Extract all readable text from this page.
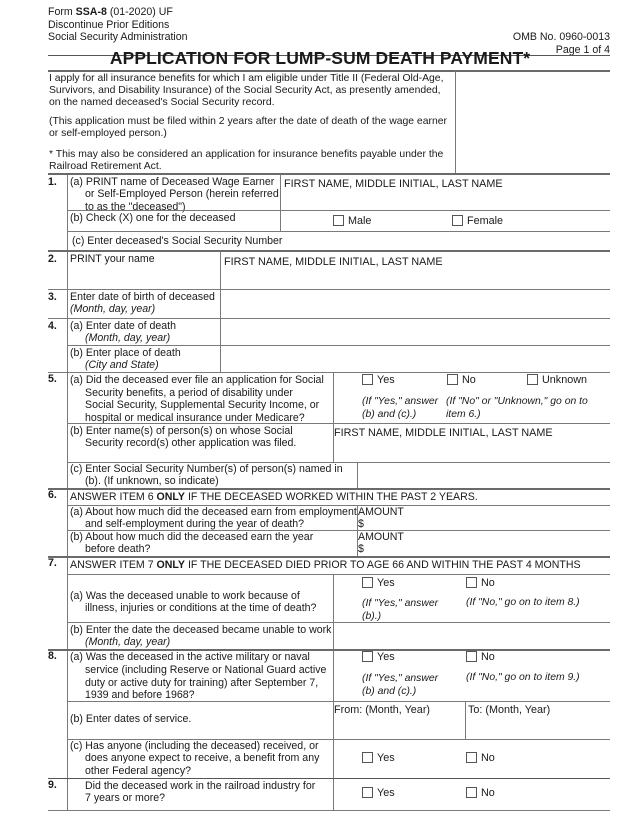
Form SSA-8 (01-2020) UF
Discontinue Prior Editions
Social Security Administration	OMB No. 0960-0013
Page 1 of 4
APPLICATION FOR LUMP-SUM DEATH PAYMENT*
I apply for all insurance benefits for which I am eligible under Title II (Federal Old-Age, Survivors, and Disability Insurance) of the Social Security Act, as presently amended, on the named deceased's Social Security record.
(This application must be filed within 2 years after the date of death of the wage earner or self-employed person.)
* This may also be considered an application for insurance benefits payable under the Railroad Retirement Act.
1. (a) PRINT name of Deceased Wage Earner
or Self-Employed Person (herein referred
to as the "deceased")
FIRST NAME, MIDDLE INITIAL, LAST NAME
(b) Check (X) one for the deceased	Male	Female
(c) Enter deceased's Social Security Number
2. PRINT your name	FIRST NAME, MIDDLE INITIAL, LAST NAME
3. Enter date of birth of deceased
(Month, day, year)
4. (a) Enter date of death
(Month, day, year)
(b) Enter place of death
(City and State)
5. (a) Did the deceased ever file an application for Social
Security benefits, a period of disability under
Social Security, Supplemental Security Income, or
hospital or medical insurance under Medicare?
Yes	No	Unknown
(If "Yes," answer
(b) and (c).)
(If "No" or "Unknown," go on to
item 6.)
(b) Enter name(s) of person(s) on whose Social
Security record(s) other application was filed.
FIRST NAME, MIDDLE INITIAL, LAST NAME
(c) Enter Social Security Number(s) of person(s) named in
(b). (If unknown, so indicate)
6. ANSWER ITEM 6 ONLY IF THE DECEASED WORKED WITHIN THE PAST 2 YEARS.
(a) About how much did the deceased earn from employment
and self-employment during the year of death?
AMOUNT
$
(b) About how much did the deceased earn the year
before death?
AMOUNT
$
7. ANSWER ITEM 7 ONLY IF THE DECEASED DIED PRIOR TO AGE 66 AND WITHIN THE PAST 4 MONTHS
(a) Was the deceased unable to work because of
illness, injuries or conditions at the time of death?
Yes	No
(If "Yes," answer
(b).)
(If "No," go on to item 8.)
(b) Enter the date the deceased became unable to work
(Month, day, year)
8. (a) Was the deceased in the active military or naval
service (including Reserve or National Guard active
duty or active duty for training) after September 7,
1939 and before 1968?
Yes	No
(If "Yes," answer
(b) and (c).)
(If "No," go on to item 9.)
(b) Enter dates of service.
From: (Month, Year)	To: (Month, Year)
(c) Has anyone (including the deceased) received, or
does anyone expect to receive, a benefit from any
other Federal agency?
Yes	No
9.	Did the deceased work in the railroad industry for
7 years or more?	Yes	No
